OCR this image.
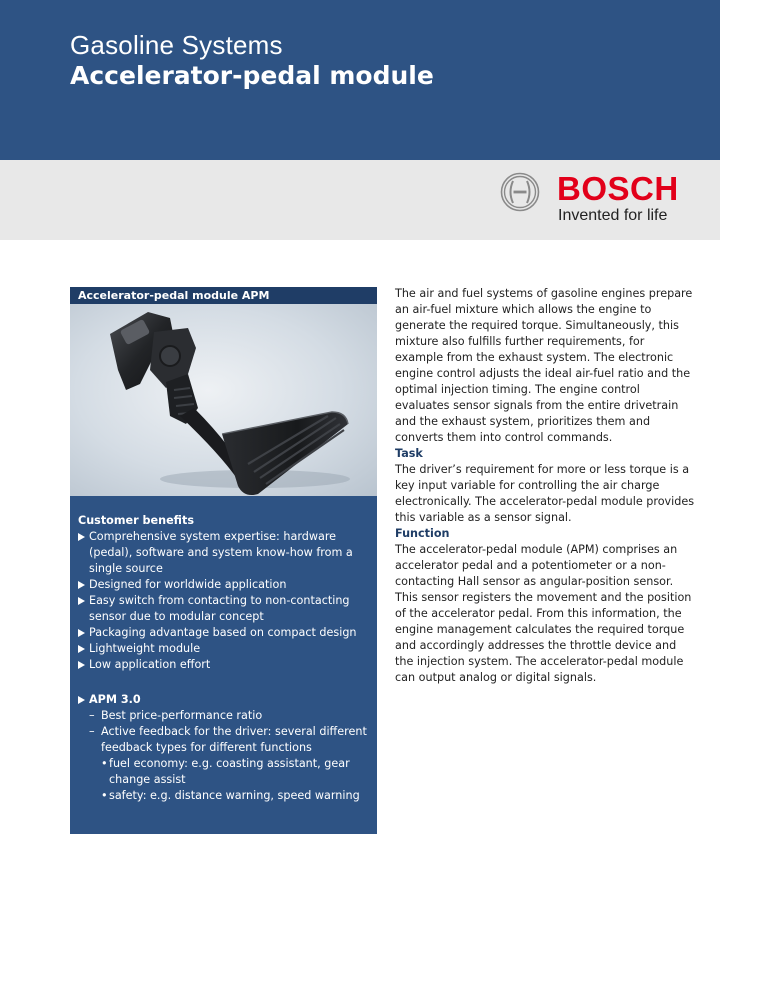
Gasoline Systems
Accelerator-pedal module
BOSCH
Invented for life
Accelerator-pedal module APM
Customer benefits
Comprehensive system expertise: hardware (pedal), software and system know-how from a single source
Designed for worldwide application
Easy switch from contacting to non-contacting sensor due to modular concept
Packaging advantage based on compact design
Lightweight module
Low application effort
APM 3.0
– Best price-performance ratio
– Active feedback for the driver: several different feedback types for different functions
• fuel economy: e.g. coasting assistant, gear change assist
• safety: e.g. distance warning, speed warning

The air and fuel systems of gasoline engines prepare an air-fuel mixture which allows the engine to generate the required torque. Simultaneously, this mixture also fulfills further requirements, for example from the exhaust system. The electronic engine control adjusts the ideal air-fuel ratio and the optimal injection timing. The engine control evaluates sensor signals from the entire drivetrain and the exhaust system, prioritizes them and converts them into control commands.

Task

The driver’s requirement for more or less torque is a key input variable for controlling the air charge electronically. The accelerator-pedal module provides this variable as a sensor signal.

Function

The accelerator-pedal module (APM) comprises an accelerator pedal and a potentiometer or a non-contacting Hall sensor as angular-position sensor. This sensor registers the movement and the position of the accelerator pedal. From this information, the engine management calculates the required torque and accordingly addresses the throttle device and the injection system. The accelerator-pedal module can output analog or digital signals.
